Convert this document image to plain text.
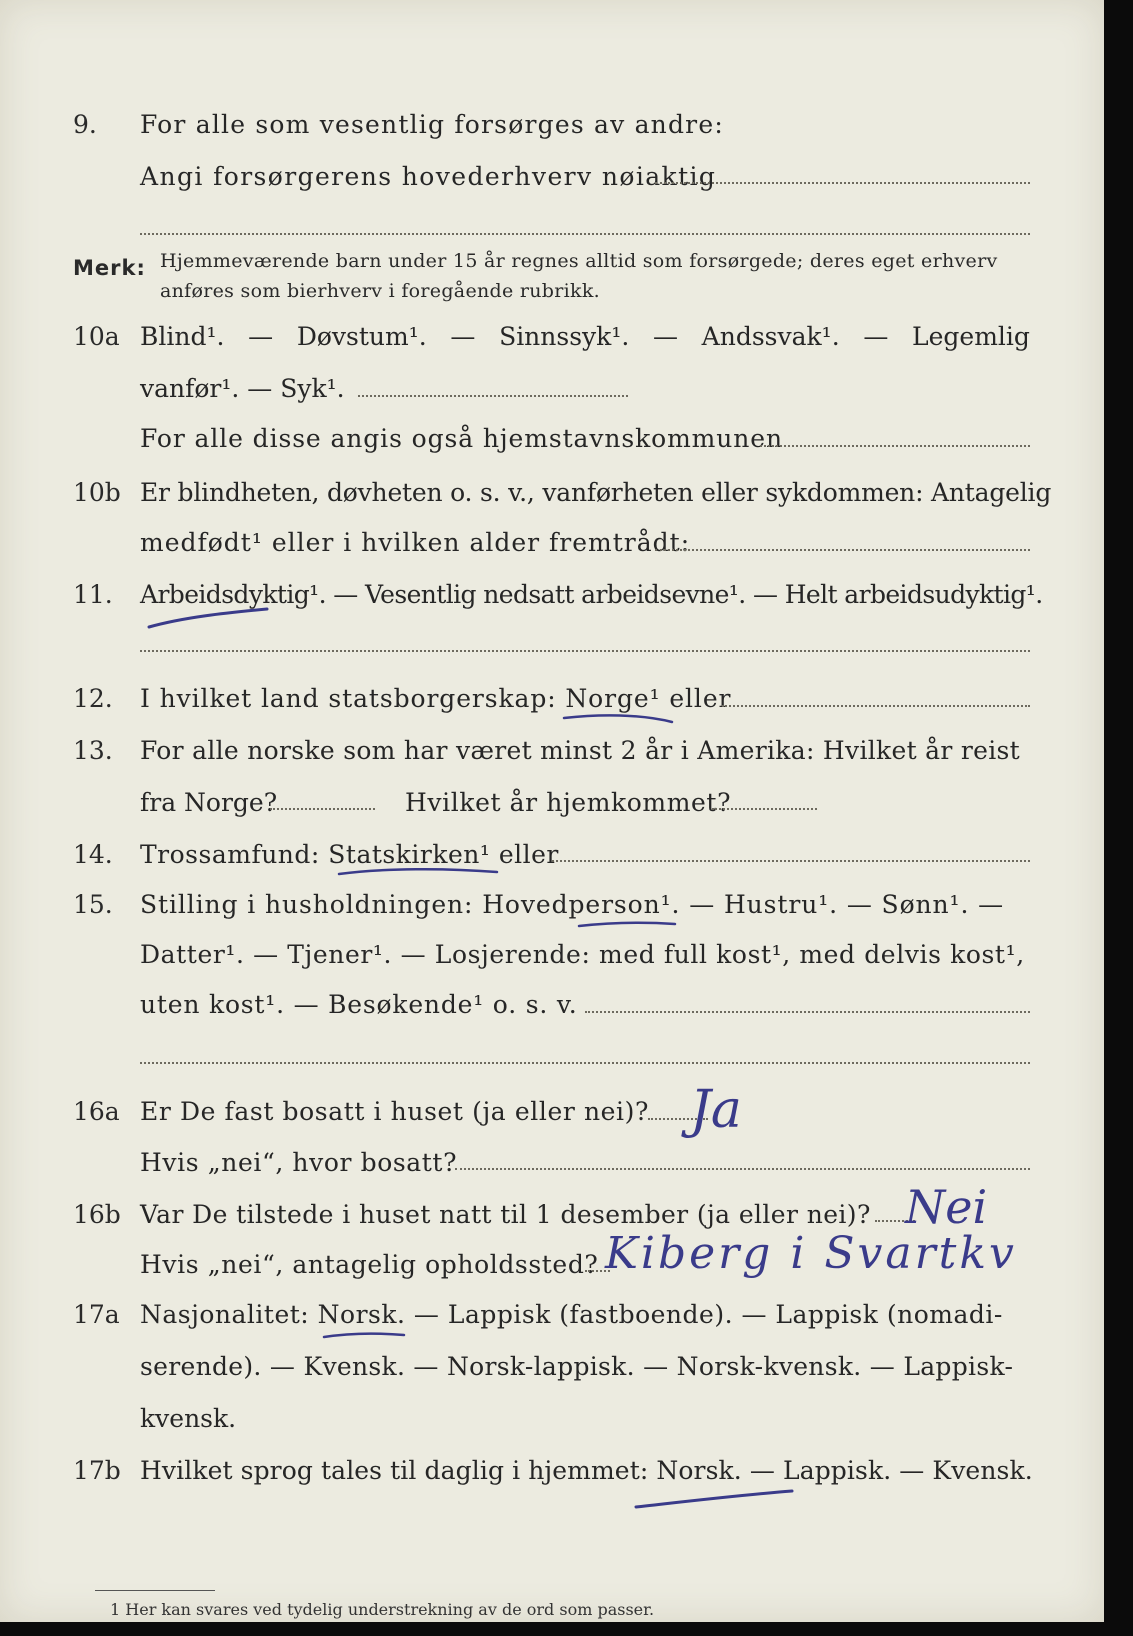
9. For alle som vesentlig forsørges av andre:
Angi forsørgerens hovederhverv nøiaktig
Merk: Hjemmeværende barn under 15 år regnes alltid som forsørgede; deres eget erhverv
anføres som bierhverv i foregående rubrikk.
10a Blind¹. — Døvstum¹. — Sinnssyk¹. — Andssvak¹. — Legemlig
vanfør¹. — Syk¹.
For alle disse angis også hjemstavnskommunen
10b Er blindheten, døvheten o. s. v., vanførheten eller sykdommen: Antagelig
medfødt¹ eller i hvilken alder fremtrådt:
11. Arbeidsdyktig¹. — Vesentlig nedsatt arbeidsevne¹. — Helt arbeidsudyktig¹.
12. I hvilket land statsborgerskap: Norge¹ eller
13. For alle norske som har været minst 2 år i Amerika: Hvilket år reist
fra Norge?	Hvilket år hjemkommet?
14. Trossamfund: Statskirken¹ eller
15. Stilling i husholdningen: Hovedperson¹. — Hustru¹. — Sønn¹. —
Datter¹. — Tjener¹. — Losjerende: med full kost¹, med delvis kost¹,
uten kost¹. — Besøkende¹ o. s. v.
16a Er De fast bosatt i huset (ja eller nei)? Ja
Hvis „nei“, hvor bosatt?
16b Var De tilstede i huset natt til 1 desember (ja eller nei)? Nei
Hvis „nei“, antagelig opholdssted? Kiberg i Svartkv
17a Nasjonalitet: Norsk. — Lappisk (fastboende). — Lappisk (nomadi-
serende). — Kvensk. — Norsk-lappisk. — Norsk-kvensk. — Lappisk-
kvensk.
17b Hvilket sprog tales til daglig i hjemmet: Norsk. — Lappisk. — Kvensk.
1 Her kan svares ved tydelig understrekning av de ord som passer.
